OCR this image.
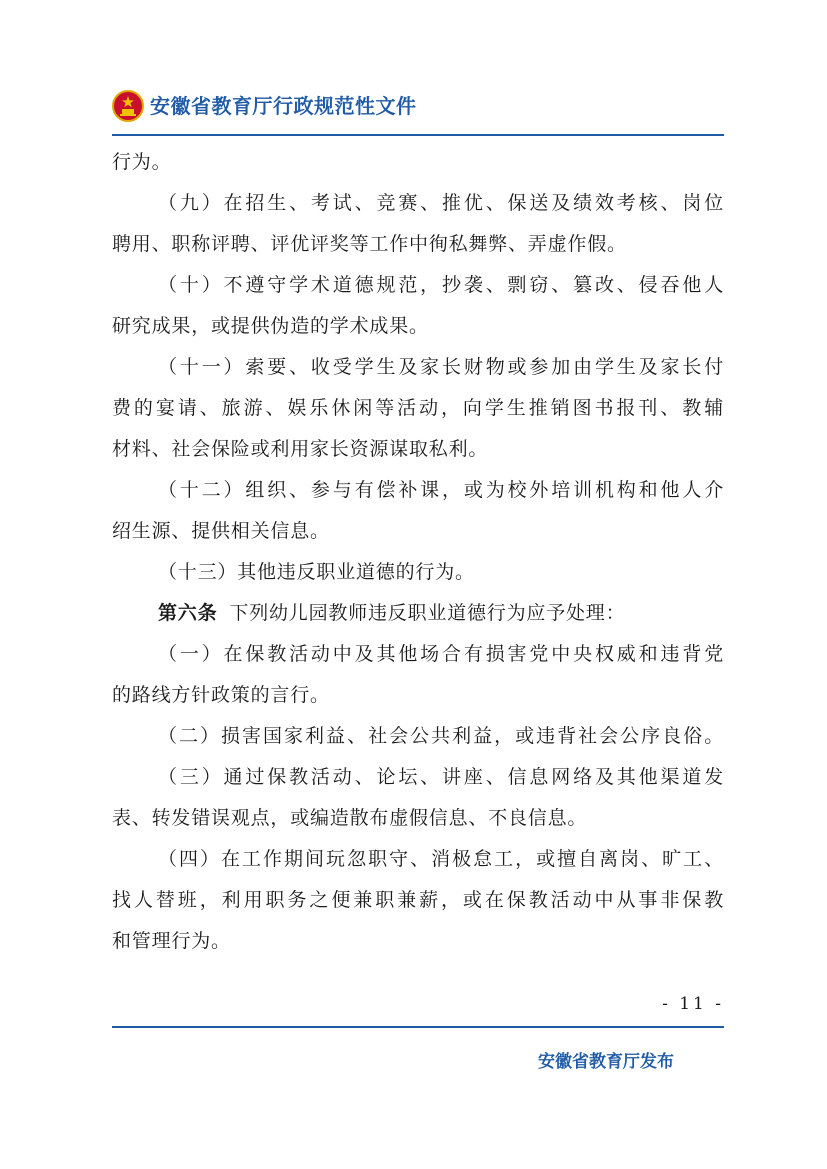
安徽省教育厅行政规范性文件
行为。
（九）在招生、考试、竞赛、推优、保送及绩效考核、岗位
聘用、职称评聘、评优评奖等工作中徇私舞弊、弄虚作假。
（十）不遵守学术道德规范，抄袭、剽窃、篡改、侵吞他人
研究成果，或提供伪造的学术成果。
（十一）索要、收受学生及家长财物或参加由学生及家长付
费的宴请、旅游、娱乐休闲等活动，向学生推销图书报刊、教辅
材料、社会保险或利用家长资源谋取私利。
（十二）组织、参与有偿补课，或为校外培训机构和他人介
绍生源、提供相关信息。
（十三）其他违反职业道德的行为。
第六条 下列幼儿园教师违反职业道德行为应予处理：
（一）在保教活动中及其他场合有损害党中央权威和违背党
的路线方针政策的言行。
（二）损害国家利益、社会公共利益，或违背社会公序良俗。
（三）通过保教活动、论坛、讲座、信息网络及其他渠道发
表、转发错误观点，或编造散布虚假信息、不良信息。
（四）在工作期间玩忽职守、消极怠工，或擅自离岗、旷工、
找人替班，利用职务之便兼职兼薪，或在保教活动中从事非保教
和管理行为。
- 11 -
安徽省教育厅发布
